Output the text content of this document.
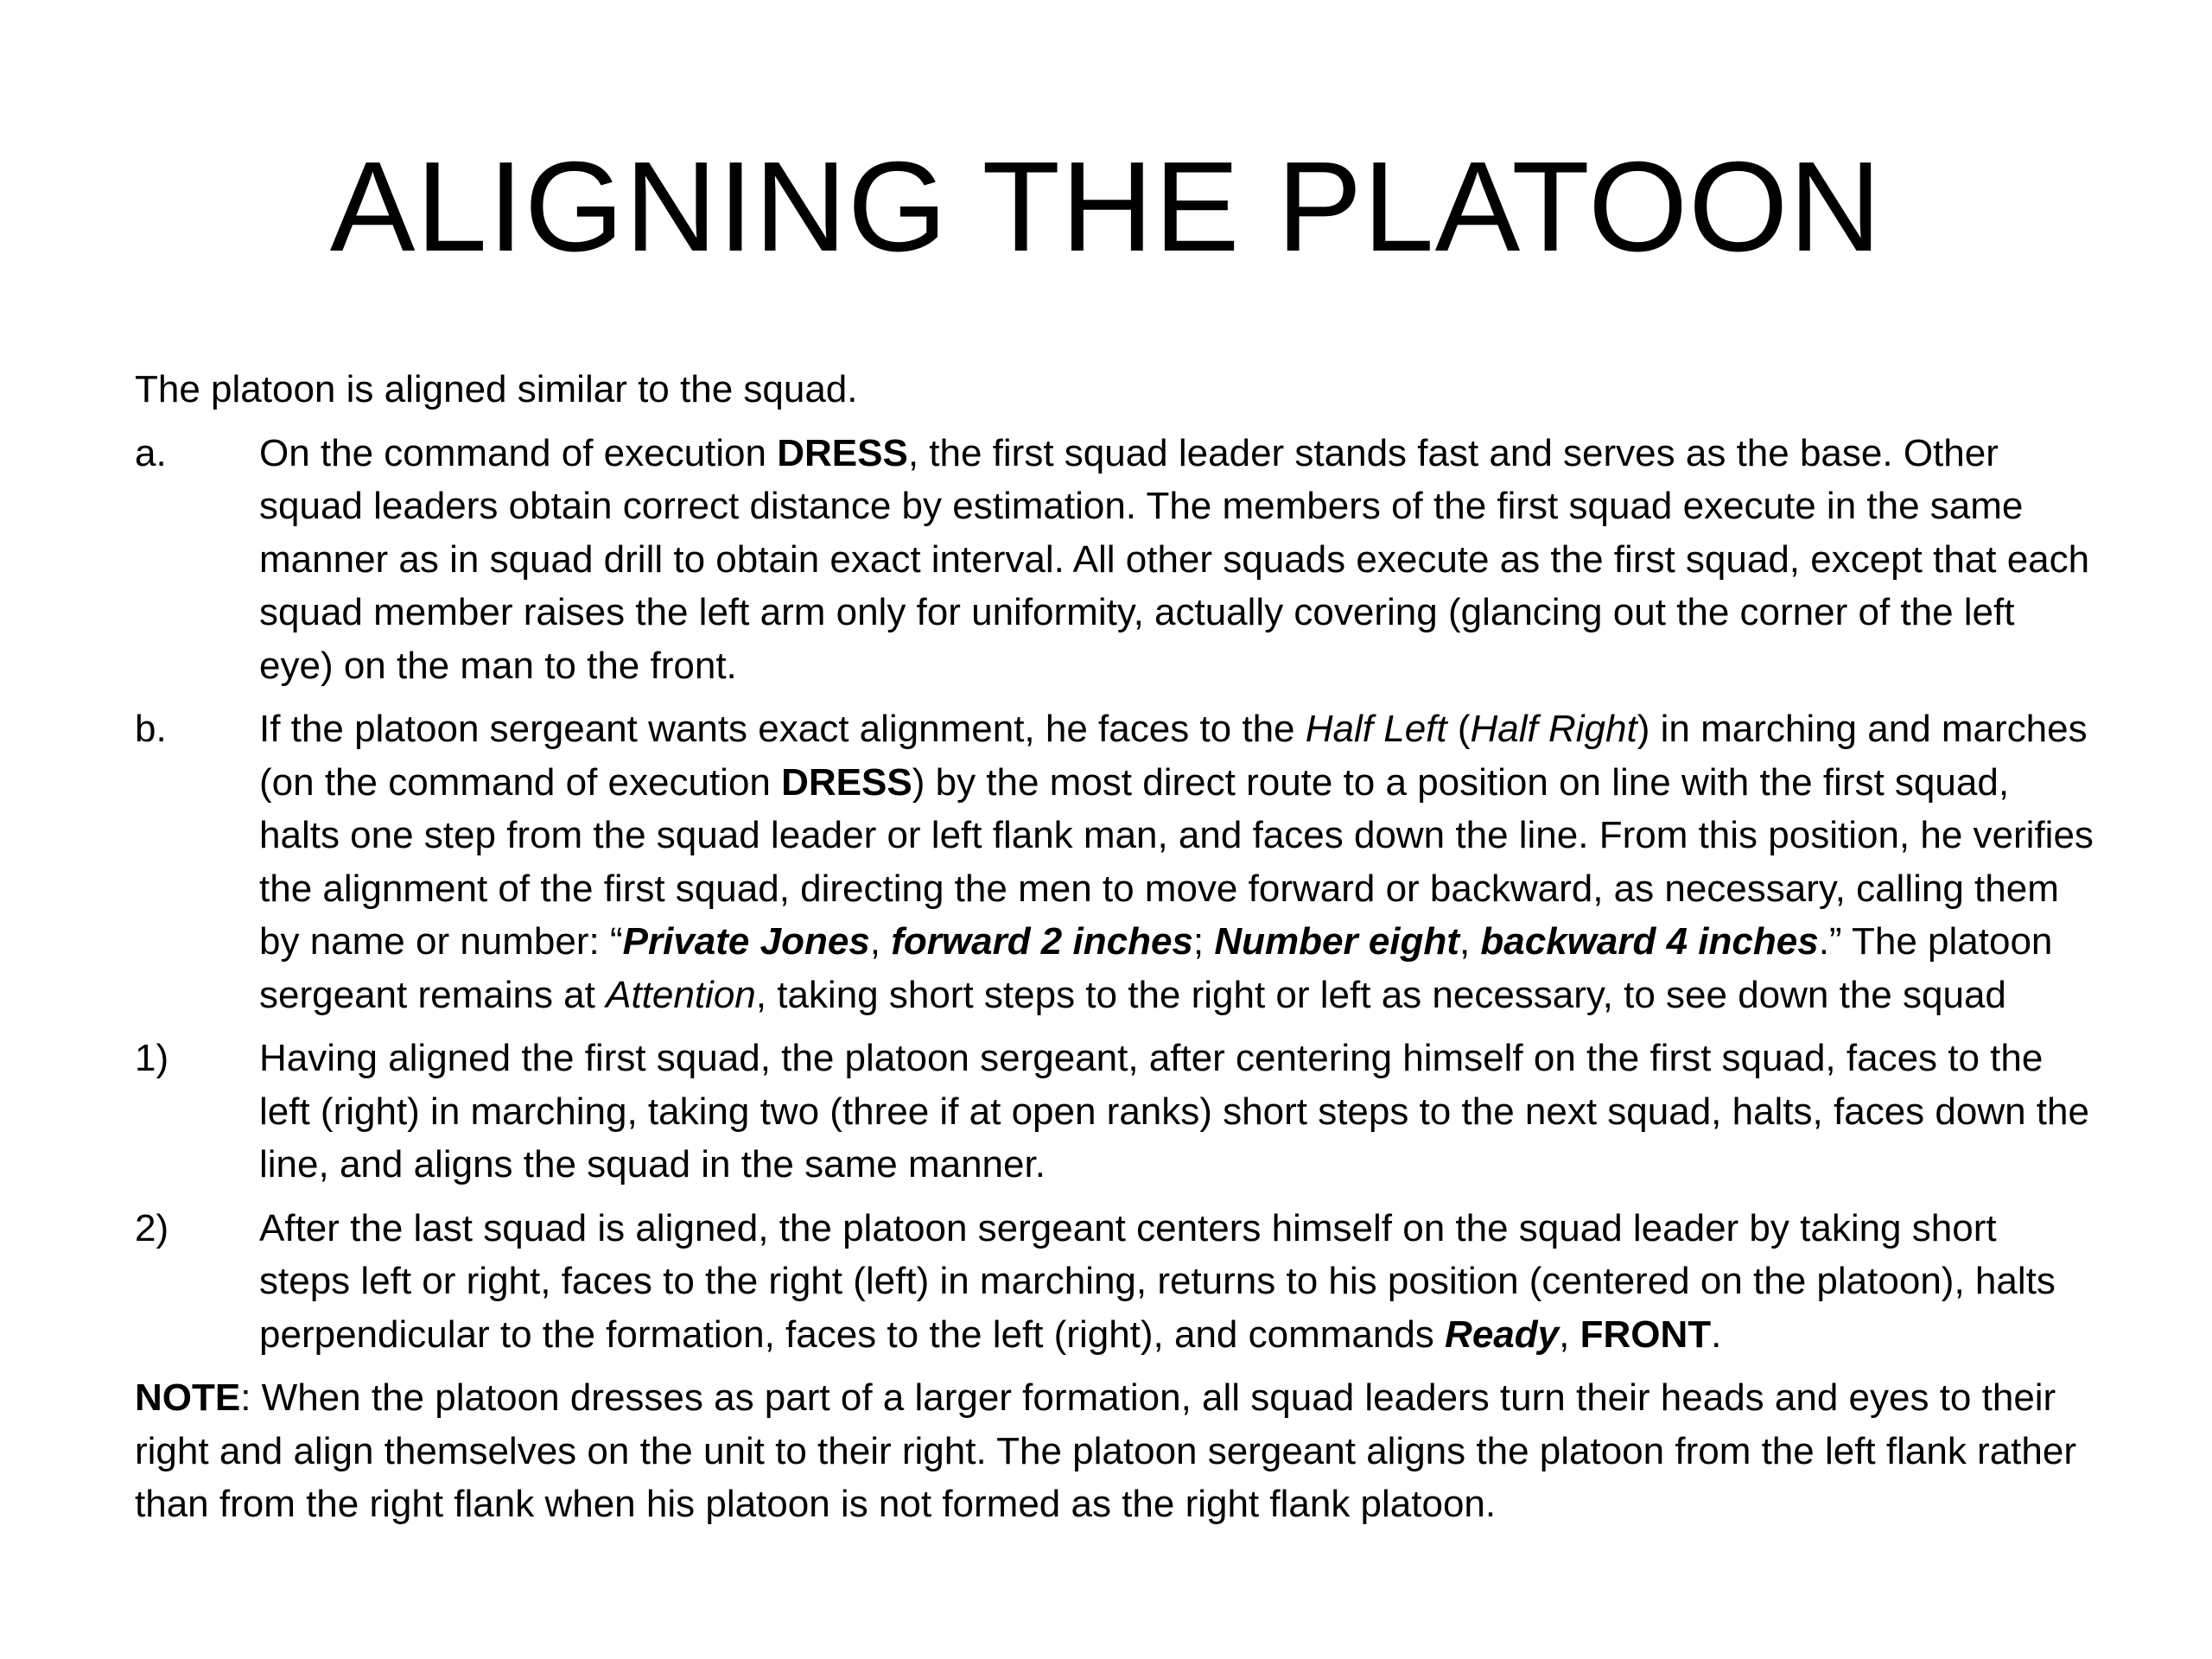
ALIGNING THE PLATOON

The platoon is aligned similar to the squad.

a.	On the command of execution DRESS, the first squad leader stands fast and serves as the base. Other squad leaders obtain correct distance by estimation. The members of the first squad execute in the same manner as in squad drill to obtain exact interval. All other squads execute as the first squad, except that each squad member raises the left arm only for uniformity, actually covering (glancing out the corner of the left eye) on the man to the front.
b.	If the platoon sergeant wants exact alignment, he faces to the Half Left (Half Right) in marching and marches (on the command of execution DRESS) by the most direct route to a position on line with the first squad, halts one step from the squad leader or left flank man, and faces down the line. From this position, he verifies the alignment of the first squad, directing the men to move forward or backward, as necessary, calling them by name or number: “Private Jones, forward 2 inches; Number eight, backward 4 inches.” The platoon sergeant remains at Attention, taking short steps to the right or left as necessary, to see down the squad
1)	Having aligned the first squad, the platoon sergeant, after centering himself on the first squad, faces to the left (right) in marching, taking two (three if at open ranks) short steps to the next squad, halts, faces down the line, and aligns the squad in the same manner.
2)	After the last squad is aligned, the platoon sergeant centers himself on the squad leader by taking short steps left or right, faces to the right (left) in marching, returns to his position (centered on the platoon), halts perpendicular to the formation, faces to the left (right), and commands Ready, FRONT.

NOTE: When the platoon dresses as part of a larger formation, all squad leaders turn their heads and eyes to their right and align themselves on the unit to their right. The platoon sergeant aligns the platoon from the left flank rather than from the right flank when his platoon is not formed as the right flank platoon.
